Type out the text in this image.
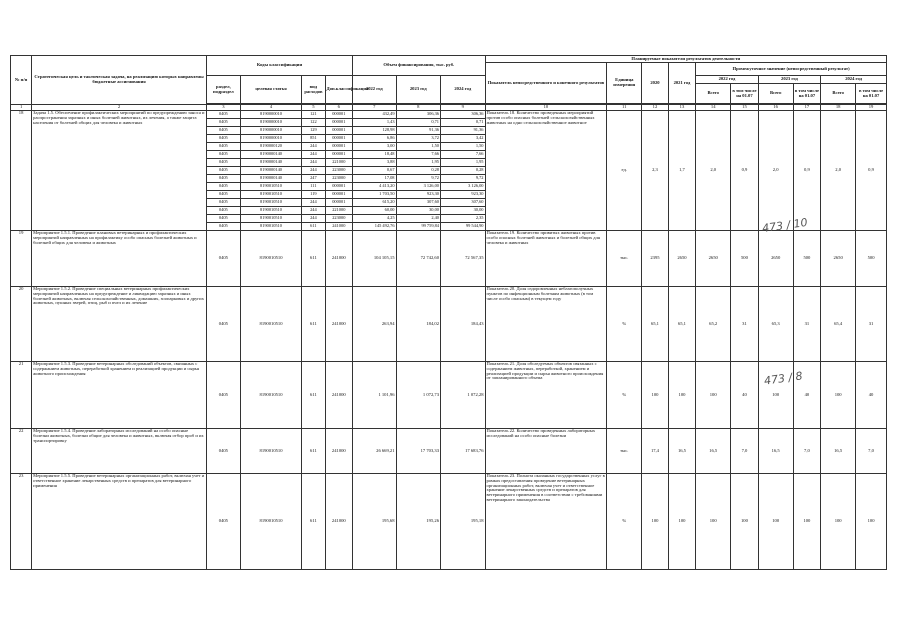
№ п/п	Стратегическая цель и тактическая задача, на реализацию которых направлены бюджетные ассигнования	Коды классификации				Объем финансирования, тыс. руб.			Планируемые показатели результатов деятельности									
									Показатель непосредственного и конечного результатов	Единица измерения	2020	2021 год	Промежуточное значение (непосредственный результат)					
		раздел, подраздел	целевая статья	вид расходов	Доп.классификация	2022 год	2023 год	2024 год					2022 год		2023 год		2024 год	
													Всего	в том числе на 01.07	Всего	в том числе на 01.07	Всего	в том числе на 01.07

1	2	3	4	5	6	7	8	9	10	11	12	13	14	15	16	17	18	19
18	Задача 1.5. Обеспечение профилактических мероприятий по предупреждению заноса и распространения заразных и иных болезней животных, их лечения, а также защита населения от болезней общих для человека и животных	0405	8190000010	121	000001	432,49	306,36	306,36	Показатель 18. Количество проведенных мероприятий против особо опасных болезней сельскохозяйственных животных на одно сельскохозяйственное животное	ед.	2,3	1,7	2,0	0,9	2,0	0,9	2,0	0,9
		0405	8190000010	122	000001	1,43	0,71	0,71										
		0405	8190000010	129	000001	128,98	91,36	91,36										
		0405	8190000010	851	000001	6,86	3,72	3,42										
		0405	8190000120	244	000001	3,00	1,50	1,50										
		0405	8190000140	244	000001	18,48	7,66	7,66										
		0405	8190000140	244	221000	3,88	1,95	1,95										
		0405	8190000140	244	223000	0,67	0,28	0,28										
		0405	8190000140	247	223000	17,08	9,72	9,72										
		0405	8190010510	111	000001	4 413,20	3 126,00	3 126,00										
		0405	8190010510	119	000001	1 703,50	923,30	923,30										
		0405	8190010510	244	000001	615,20	307,60	307,60										
		0405	8190010510	244	221000	60,00	30,00	30,00										
		0405	8190010510	244	223000	4,25	2,40	2,35										
		0405	8190010510	611	241000	145 492,76	99 759,84	99 544,90										
19	Мероприятие 1.5.1. Проведение плановых ветеринарных и профилактических мероприятий направленных на профилактику особо опасных болезней животных и болезней общих для человека и животных	0405	8190010510	611	241000	104 105,15	72 742,60	72 567,35	Показатель 19. Количество привитых животных против особо опасных болезней животных и болезней общих для человека и животных	тыс.	2395	2650	2650	500	2650	500	2650	500
20	Мероприятие 1.5.2. Проведение специальных ветеринарных профилактических мероприятий направленных на предупреждение и ликвидацию заразных и иных болезней животных, включая сельскохозяйственных, домашних, зоопарковых и других животных, пушных зверей, птиц, рыб и пчел и их лечение	0405	8190010510	611	241000	263,94	184,02	184,43	Показатель 20. Доля оздоровленных неблагополучных пунктов по инфекционным болезням животных (в том числе особо опасным) в текущем году	%	65,1	65,1	65,2	31	65,3	31	65,4	31
21	Мероприятие 1.5.3. Проведение ветеринарных обследований объектов, связанных с содержанием животных, переработкой хранением и реализацией продукции и сырья животного происхождения	0405	8190010510	611	241000	1 101,96	1 072,73	1 072,28	Показатель 21. Доля обследуемых объектов связанных с содержанием животных, переработкой, хранением и реализацией продукции и сырья животного происхождения от запланированного объема	%	100	100	100	40	100	40	100	40
22	Мероприятие 1.5.4. Проведение лабораторных исследований на особо опасные болезни животных, болезни общие для человека и животных, включая отбор проб и их транспортировку	0405	8190010510	611	241000	26 669,21	17 703,33	17 683,76	Показатель 22. Количество проведенных лабораторных исследований на особо опасные болезни	тыс.	17,4	16,5	16,5	7,0	16,5	7,0	16,5	7,0
23	Мероприятие 1.5.5. Проведение ветеринарных организационных работ, включая учет и ответственное хранение лекарственных средств и препаратов для ветеринарного применения	0405	8190010510	611	241000	195,68	195,26	195,18	Показатель 23. Полнота оказанных государственных услуг в рамках предоставления проведение ветеринарных организационных работ, включая учет и ответственное хранение лекарственных средств и препаратов для ветеринарного применения в соответствии с требованиями ветеринарного законодательства	%	100	100	100	100	100	100	100	100
473 / 10
473 / 8
